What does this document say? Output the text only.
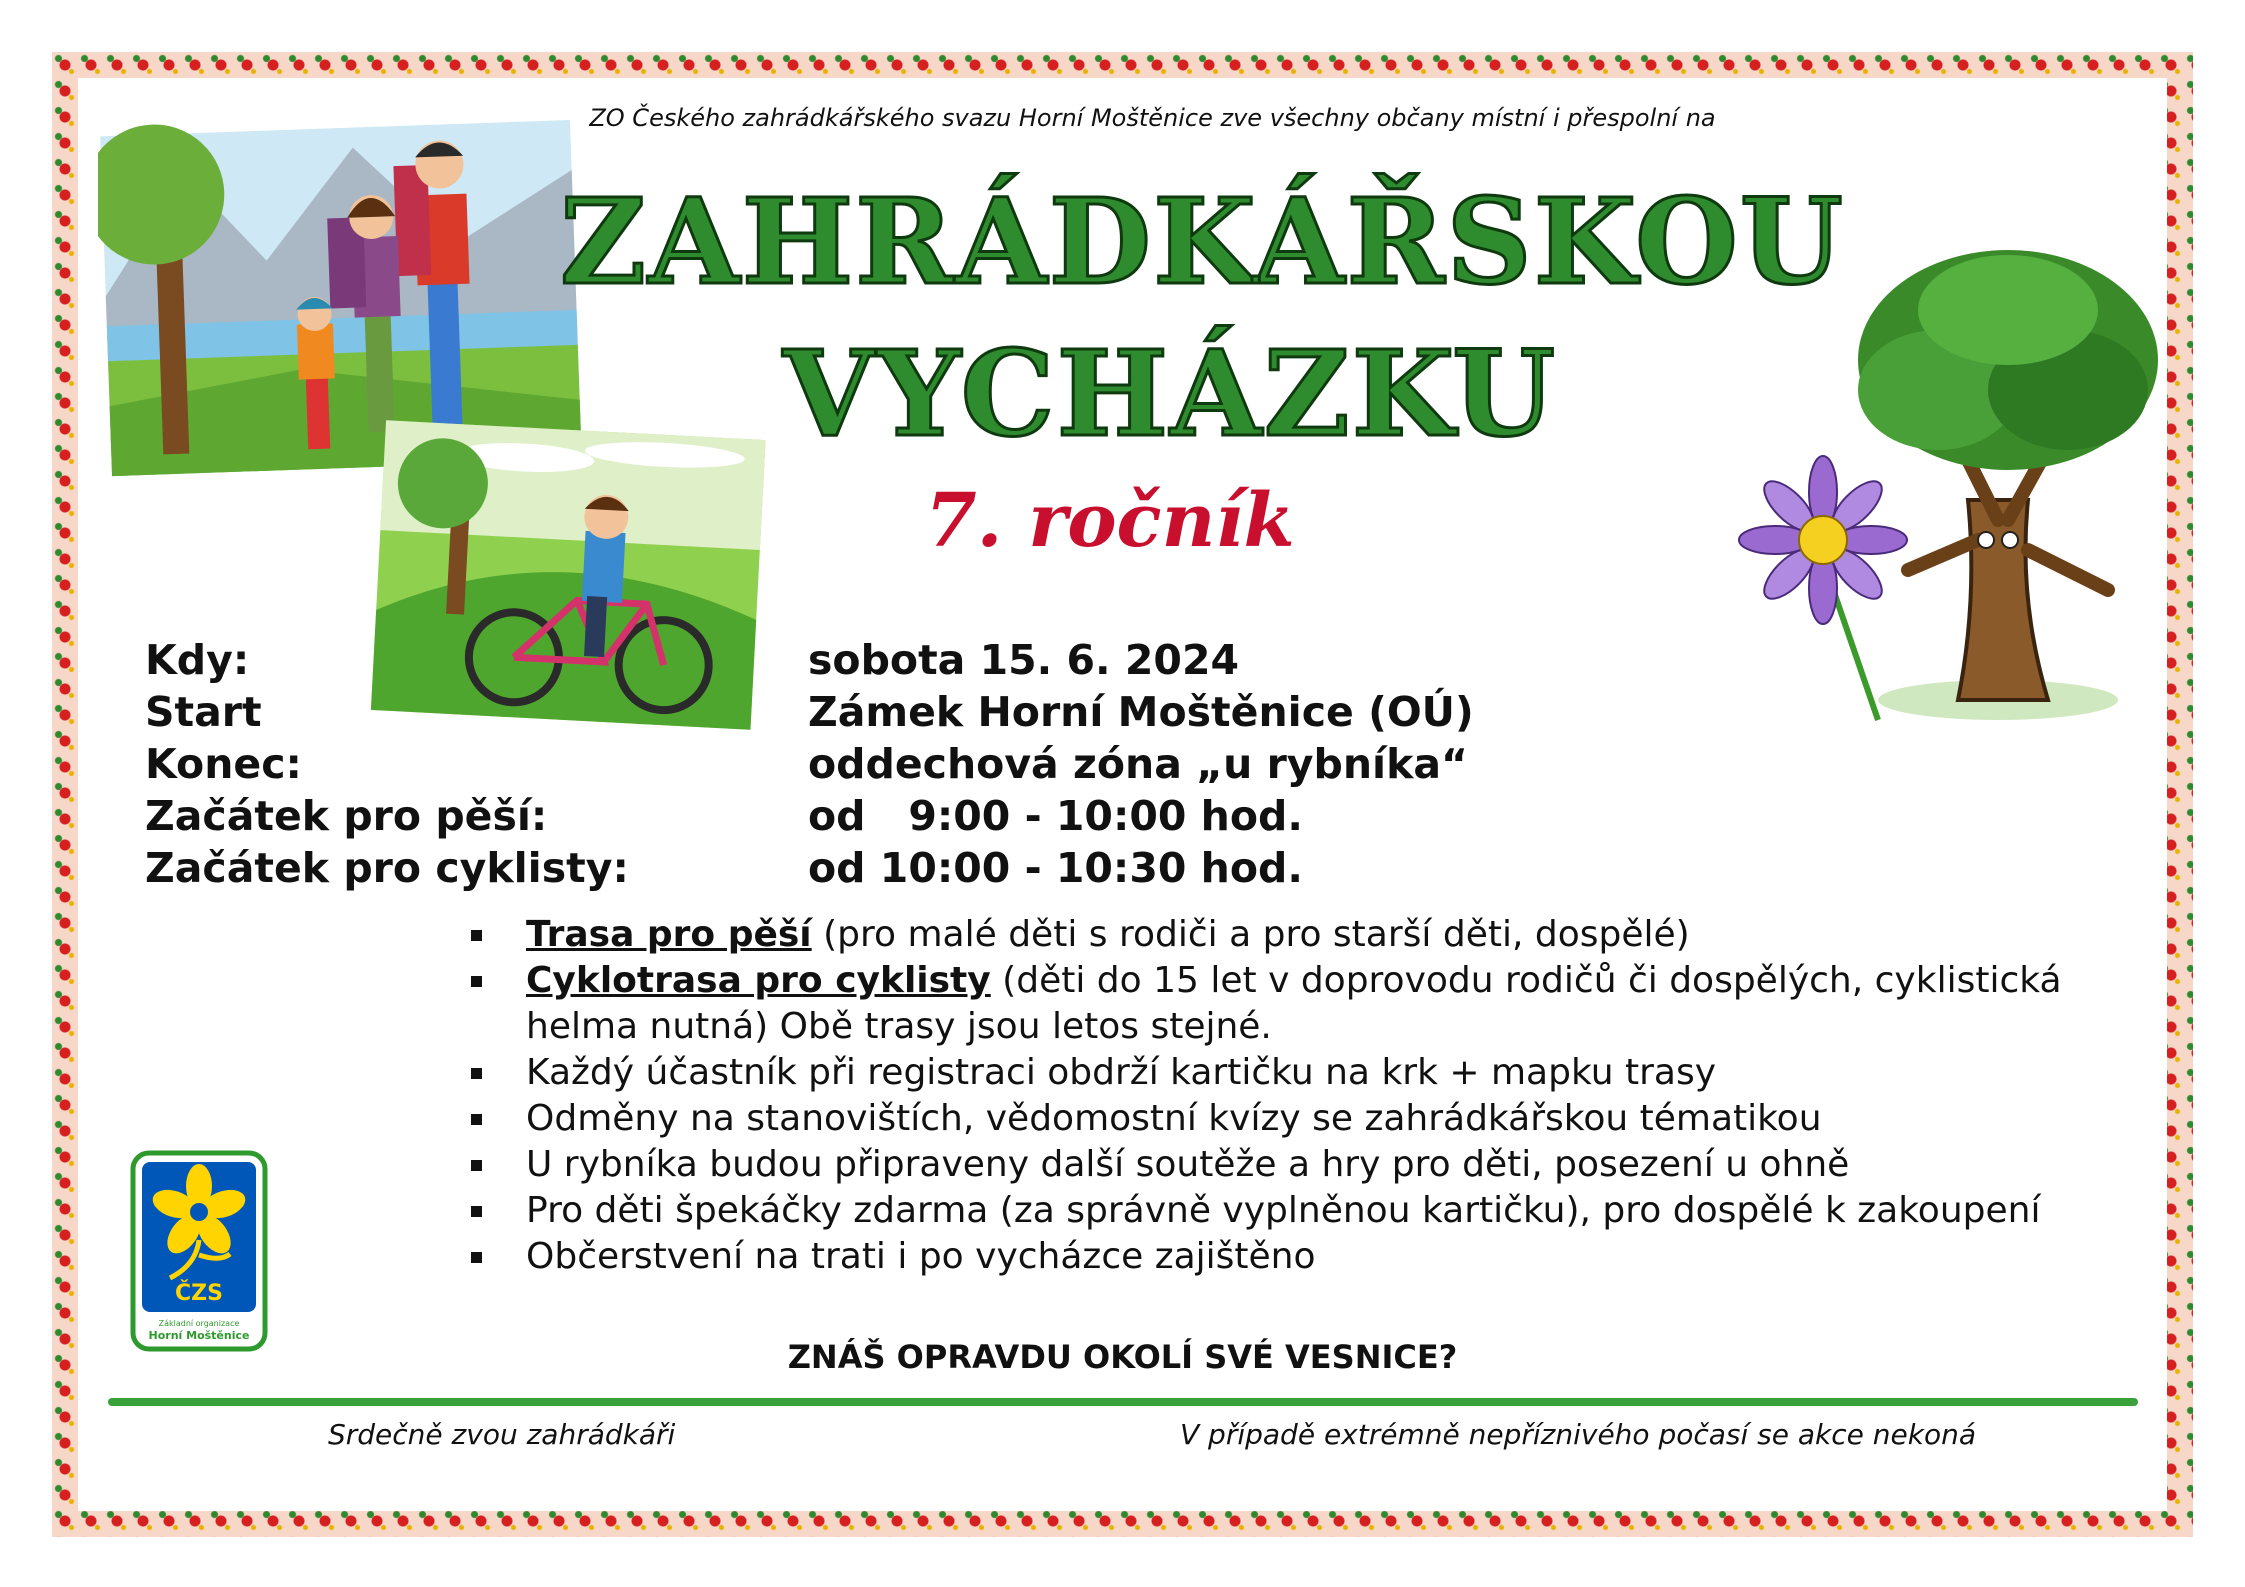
ZO Českého zahrádkářského svazu Horní Moštěnice zve všechny občany místní i přespolní na
ZAHRÁDKÁŘSKOU
VYCHÁZKU
7. ročník
Kdy:	sobota 15. 6. 2024
Start	Zámek Horní Moštěnice (OÚ)
Konec:	oddechová zóna „u rybníka“
Začátek pro pěší:	od   9:00 - 10:00 hod.
Začátek pro cyklisty:	od 10:00 - 10:30 hod.
Trasa pro pěší (pro malé děti s rodiči a pro starší děti, dospělé)
Cyklotrasa pro cyklisty (děti do 15 let v doprovodu rodičů či dospělých, cyklistická helma nutná) Obě trasy jsou letos stejné.
Každý účastník při registraci obdrží kartičku na krk + mapku trasy
Odměny na stanovištích, vědomostní kvízy se zahrádkářskou tématikou
U rybníka budou připraveny další soutěže a hry pro děti, posezení u ohně
Pro děti špekáčky zdarma (za správně vyplněnou kartičku), pro dospělé k zakoupení
Občerstvení na trati i po vycházce zajištěno
ČZS
Základní organizace
Horní Moštěnice
ZNÁŠ OPRAVDU OKOLÍ SVÉ VESNICE?
Srdečně zvou zahrádkáři	V případě extrémně nepříznivého počasí se akce nekoná
